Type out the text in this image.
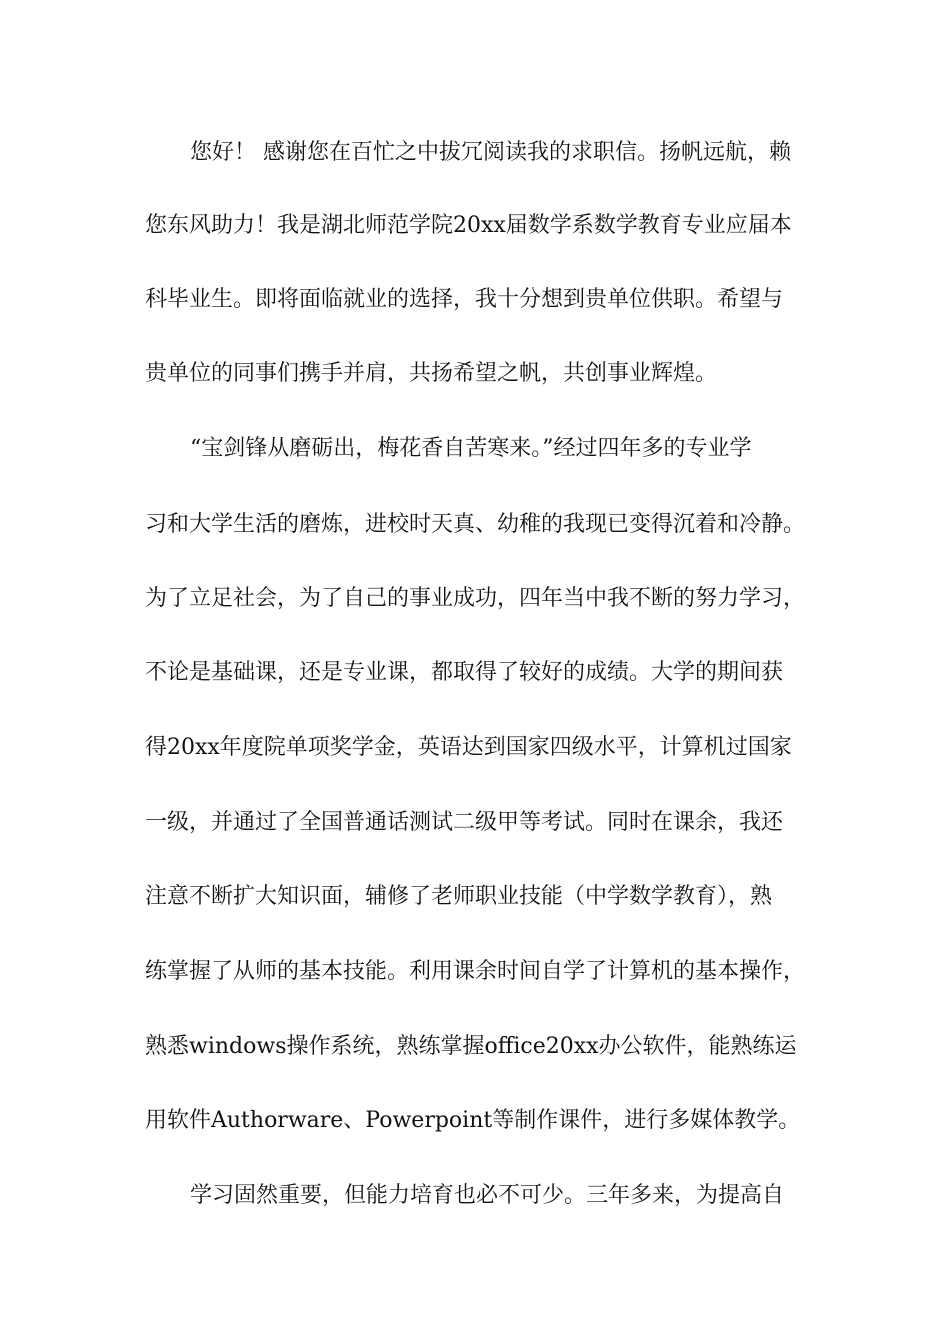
您好！ 感谢您在百忙之中拔冗阅读我的求职信。扬帆远航，赖
您东风助力！我是湖北师范学院20xx届数学系数学教育专业应届本
科毕业生。即将面临就业的选择，我十分想到贵单位供职。希望与
贵单位的同事们携手并肩，共扬希望之帆，共创事业辉煌。
“宝剑锋从磨砺出，梅花香自苦寒来。”经过四年多的专业学
习和大学生活的磨炼，进校时天真、幼稚的我现已变得沉着和冷静。
为了立足社会，为了自己的事业成功，四年当中我不断的努力学习，
不论是基础课，还是专业课，都取得了较好的成绩。大学的期间获
得20xx年度院单项奖学金，英语达到国家四级水平，计算机过国家
一级，并通过了全国普通话测试二级甲等考试。同时在课余，我还
注意不断扩大知识面，辅修了老师职业技能（中学数学教育），熟
练掌握了从师的基本技能。利用课余时间自学了计算机的基本操作，
熟悉windows操作系统，熟练掌握office20xx办公软件，能熟练运
用软件Authorware、Powerpoint等制作课件，进行多媒体教学。
学习固然重要，但能力培育也必不可少。三年多来，为提高自
